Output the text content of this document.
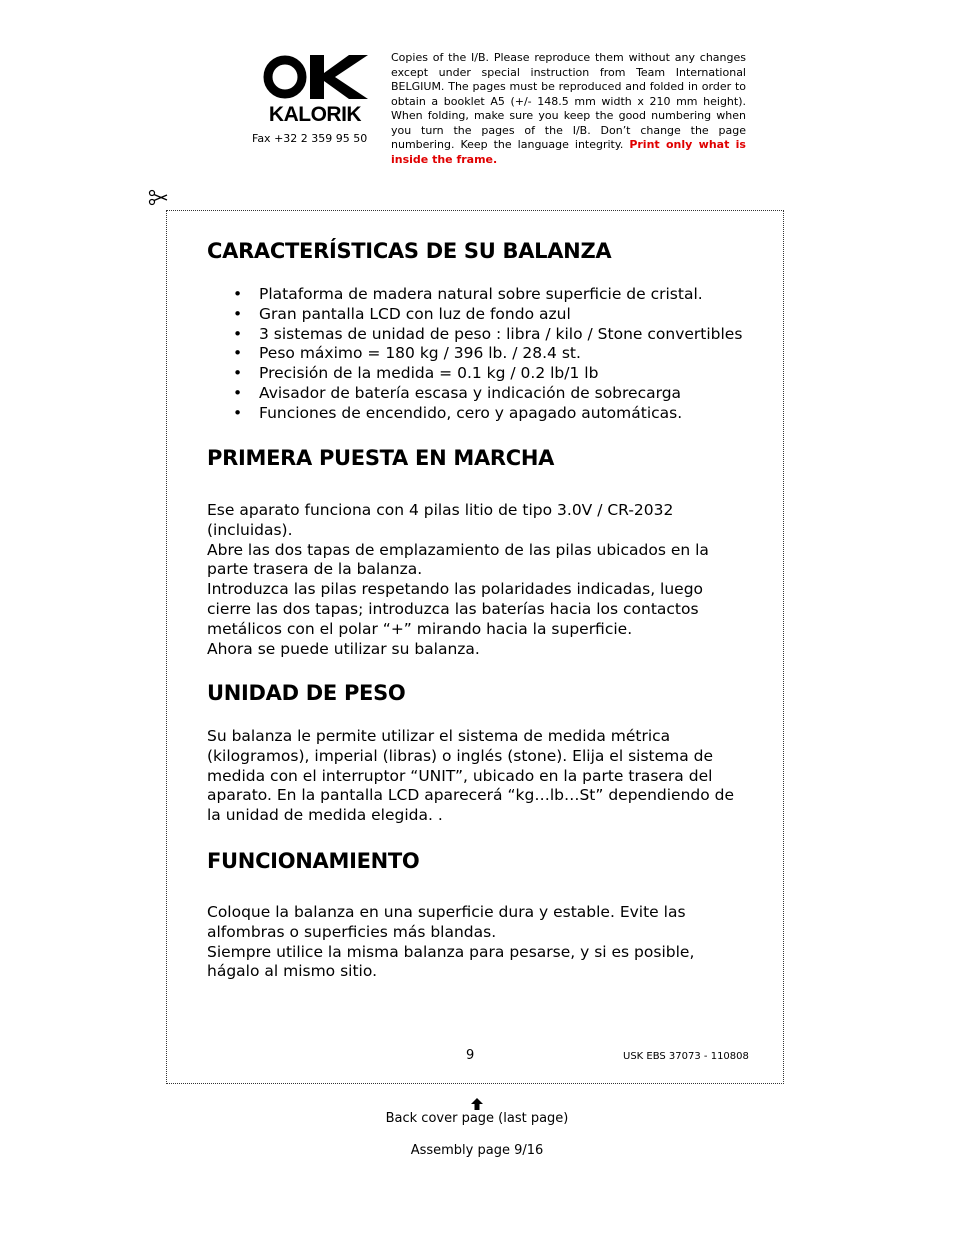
KALORIK
Fax +32 2 359 95 50
Copies of the I/B. Please reproduce them without any changes except under special instruction from Team International BELGIUM. The pages must be reproduced and folded in order to obtain a booklet A5 (+/- 148.5 mm width x 210 mm height). When folding, make sure you keep the good numbering when you turn the pages of the I/B. Don’t change the page numbering. Keep the language integrity. Print only what is inside the frame.
CARACTERÍSTICAS DE SU BALANZA
• Plataforma de madera natural sobre superficie de cristal.
• Gran pantalla LCD con luz de fondo azul
• 3 sistemas de unidad de peso : libra / kilo / Stone convertibles
• Peso máximo = 180 kg / 396 lb. / 28.4 st.
• Precisión de la medida = 0.1 kg / 0.2 lb/1 lb
• Avisador de batería escasa y indicación de sobrecarga
• Funciones de encendido, cero y apagado automáticas.
PRIMERA PUESTA EN MARCHA

Ese aparato funciona con 4 pilas litio de tipo 3.0V / CR-2032 (incluidas).

Abre las dos tapas de emplazamiento de las pilas ubicados en la parte trasera de la balanza.

Introduzca las pilas respetando las polaridades indicadas, luego cierre las dos tapas; introduzca las baterías hacia los contactos metálicos con el polar “+” mirando hacia la superficie.

Ahora se puede utilizar su balanza.

UNIDAD DE PESO

Su balanza le permite utilizar el sistema de medida métrica (kilogramos), imperial (libras) o inglés (stone). Elija el sistema de medida con el interruptor “UNIT”, ubicado en la parte trasera del aparato. En la pantalla LCD aparecerá “kg…lb…St” dependiendo de la unidad de medida elegida. .

FUNCIONAMIENTO

Coloque la balanza en una superficie dura y estable. Evite las alfombras o superficies más blandas.

Siempre utilice la misma balanza para pesarse, y si es posible, hágalo al mismo sitio.

9	USK EBS 37073 - 110808
Back cover page (last page)
Assembly page 9/16
